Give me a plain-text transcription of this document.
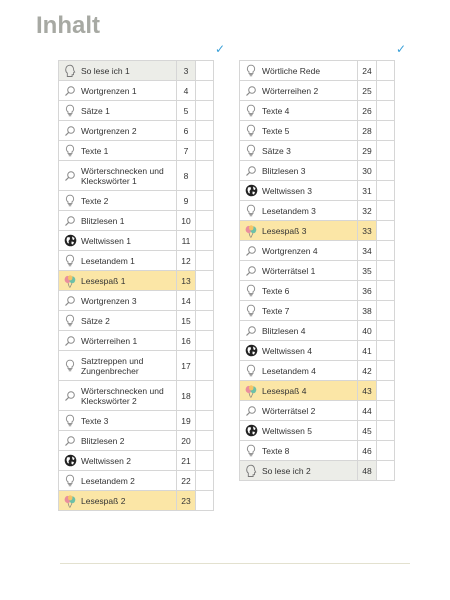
Inhalt
✓	✓
So lese ich 1	3	

Wortgrenzen 1	4	

Sätze 1	5	

Wortgrenzen 2	6	

Texte 1	7	

Wörterschnecken und Kleckswörter 1	8	

Texte 2	9	

Blitzlesen 1	10	

Weltwissen 1	11	

Lesetandem 1	12	

Lesespaß 1	13	

Wortgrenzen 3	14	

Sätze 2	15	

Wörterreihen 1	16	

Satztreppen und Zungenbrecher	17	

Wörterschnecken und Kleckswörter 2	18	

Texte 3	19	

Blitzlesen 2	20	

Weltwissen 2	21	

Lesetandem 2	22	

Lesespaß 2	23	
Wörtliche Rede	24	

Wörterreihen 2	25	

Texte 4	26	

Texte 5	28	

Sätze 3	29	

Blitzlesen 3	30	

Weltwissen 3	31	

Lesetandem 3	32	

Lesespaß 3	33	

Wortgrenzen 4	34	

Wörterrätsel 1	35	

Texte 6	36	

Texte 7	38	

Blitzlesen 4	40	

Weltwissen 4	41	

Lesetandem 4	42	

Lesespaß 4	43	

Wörterrätsel 2	44	

Weltwissen 5	45	

Texte 8	46	

So lese ich 2	48	
